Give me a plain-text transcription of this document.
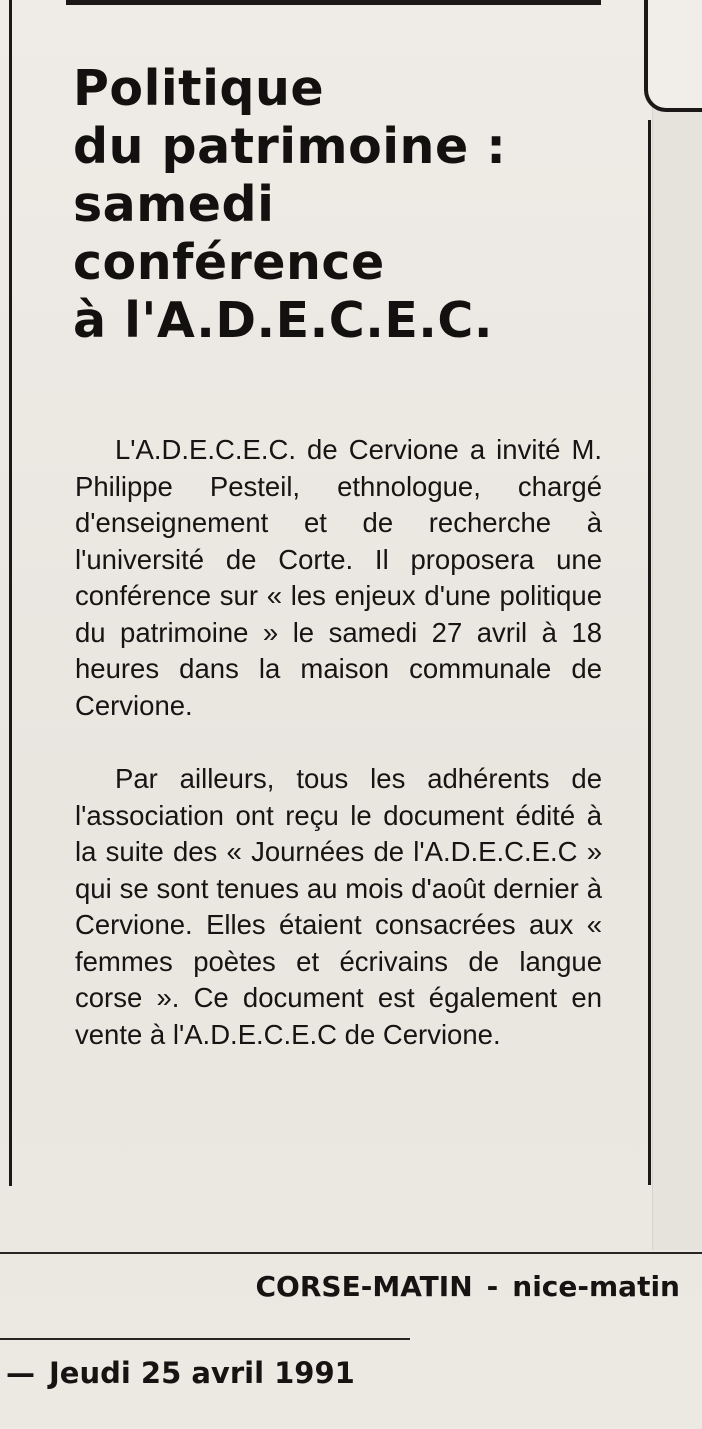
Politique
du patrimoine :
samedi
conférence
à l'A.D.E.C.E.C.

L'A.D.E.C.E.C. de Cervione a invité M. Philippe Pesteil, ethnologue, chargé d'enseignement et de recherche à l'université de Corte. Il proposera une conférence sur « les enjeux d'une politique du patrimoine » le samedi 27 avril à 18 heures dans la maison communale de Cervione.

Par ailleurs, tous les adhérents de l'association ont reçu le document édité à la suite des « Journées de l'A.D.E.C.E.C » qui se sont tenues au mois d'août dernier à Cervione. Elles étaient consacrées aux « femmes poètes et écrivains de langue corse ». Ce document est également en vente à l'A.D.E.C.E.C de Cervione.

CORSE-MATIN - nice-matin
— Jeudi 25 avril 1991
